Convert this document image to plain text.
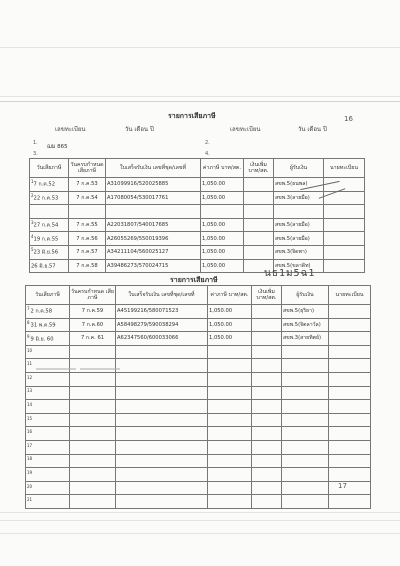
รายการเสียภาษี	16
เลขทะเบียน	วัน เดือน ปี	เลขทะเบียน	วัน เดือน ปี
1.
ฌม 865
2.
3.	4.
วันเสียภาษี	วันครบกำหนด เสียภาษี	ใบเสร็จรับเงิน เลขที่ชุด/เลขที่	ค่าภาษี บาท/สต.	เงินเพิ่ม บาท/สต.	ผู้รับเงิน	นายทะเบียน
$^1$7 ก.ค.52	7 ก.ค.53	A31099916/520025885	1,050.00		สขพ.5(ธนพล)	
$^2$22 ก.ค.53	7 ก.ค.54	A17080054/530017761	1,050.00		สขพ.3(ลายมือ)	

$^3$27 ก.ค.54	7 ก.ค.55	A22031807/540017685	1,050.00		สขพ.5(ลายมือ)	
$^4$19 ก.ค.55	7 ก.ค.56	A26055269/550019396	1,050.00		สขพ.5(ลายมือ)	
$^5$23 มิ.ย.56	7 ก.ค.57	A34211104/560025127	1,050.00		สขพ.3(จิดพา)	
26 มิ.ย.57	7 ก.ค.58	A39486273/570024715	1,050.00		สขพ.5(ขลาดิท)	
นธ1ม5ฉ1
รายการเสียภาษี
วันเสียภาษี	วันครบกำหนด เสียภาษี	ใบเสร็จรับเงิน เลขที่ชุด/เลขที่	ค่าภาษี บาท/สต.	เงินเพิ่ม บาท/สต.	ผู้รับเงิน	นายทะเบียน
$^7$2 ก.ค.58	7 ก.ค.59	A45199216/580071523	1,050.00		สขพ.5(ธุริยา)	
$^8$31 พ.ค.59	7 ก.ค.60	A58498279/590038294	1,050.00		สขพ.5(จิตลาวัล)	
$^9$9 มิ.ย. 60	7 ก.ค. 61	A62347560/600033066	1,050.00		สขพ.3(สายทิตย์)	
$^{10}$						
$^{11}$						
$^{12}$						
$^{13}$						
$^{14}$						
$^{15}$						
$^{16}$						
$^{17}$						
$^{18}$						
$^{19}$						
$^{20}$						
$^{21}$						
17
